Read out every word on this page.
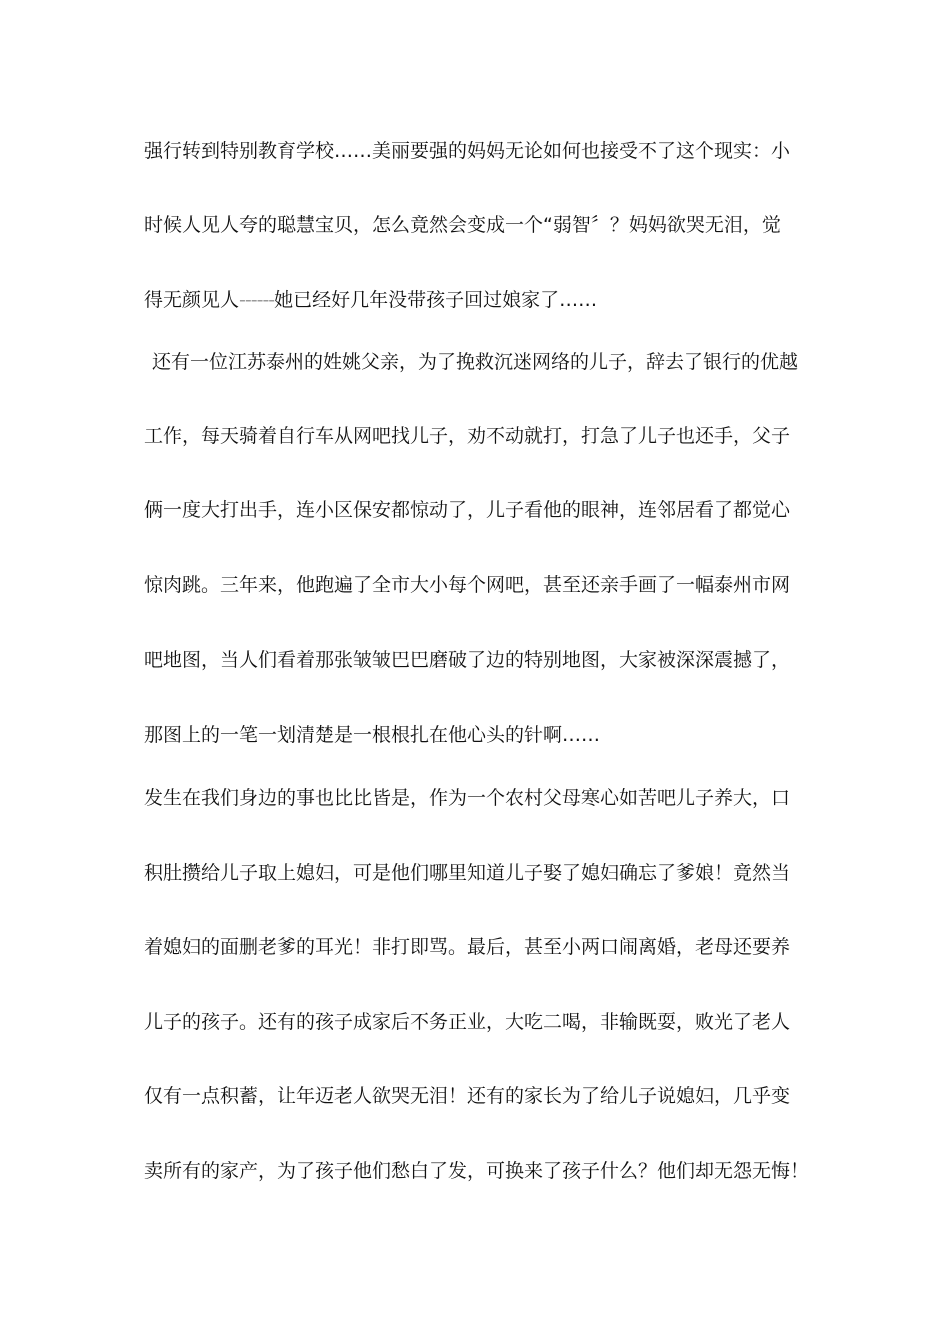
强行转到特别教育学校……美丽要强的妈妈无论如何也接受不了这个现实：小
时候人见人夸的聪慧宝贝，怎么竟然会变成一个“弱智〞？妈妈欲哭无泪，觉
得无颜见人------她已经好几年没带孩子回过娘家了……
还有一位江苏泰州的姓姚父亲，为了挽救沉迷网络的儿子，辞去了银行的优越
工作，每天骑着自行车从网吧找儿子，劝不动就打，打急了儿子也还手，父子
俩一度大打出手，连小区保安都惊动了，儿子看他的眼神，连邻居看了都觉心
惊肉跳。三年来，他跑遍了全市大小每个网吧，甚至还亲手画了一幅泰州市网
吧地图，当人们看着那张皱皱巴巴磨破了边的特别地图，大家被深深震撼了，
那图上的一笔一划清楚是一根根扎在他心头的针啊……
发生在我们身边的事也比比皆是，作为一个农村父母寒心如苦吧儿子养大，口
积肚攒给儿子取上媳妇，可是他们哪里知道儿子娶了媳妇确忘了爹娘！竟然当
着媳妇的面删老爹的耳光！非打即骂。最后，甚至小两口闹离婚，老母还要养
儿子的孩子。还有的孩子成家后不务正业，大吃二喝，非输既耍，败光了老人
仅有一点积蓄，让年迈老人欲哭无泪！还有的家长为了给儿子说媳妇，几乎变
卖所有的家产，为了孩子他们愁白了发，可换来了孩子什么？他们却无怨无悔！
